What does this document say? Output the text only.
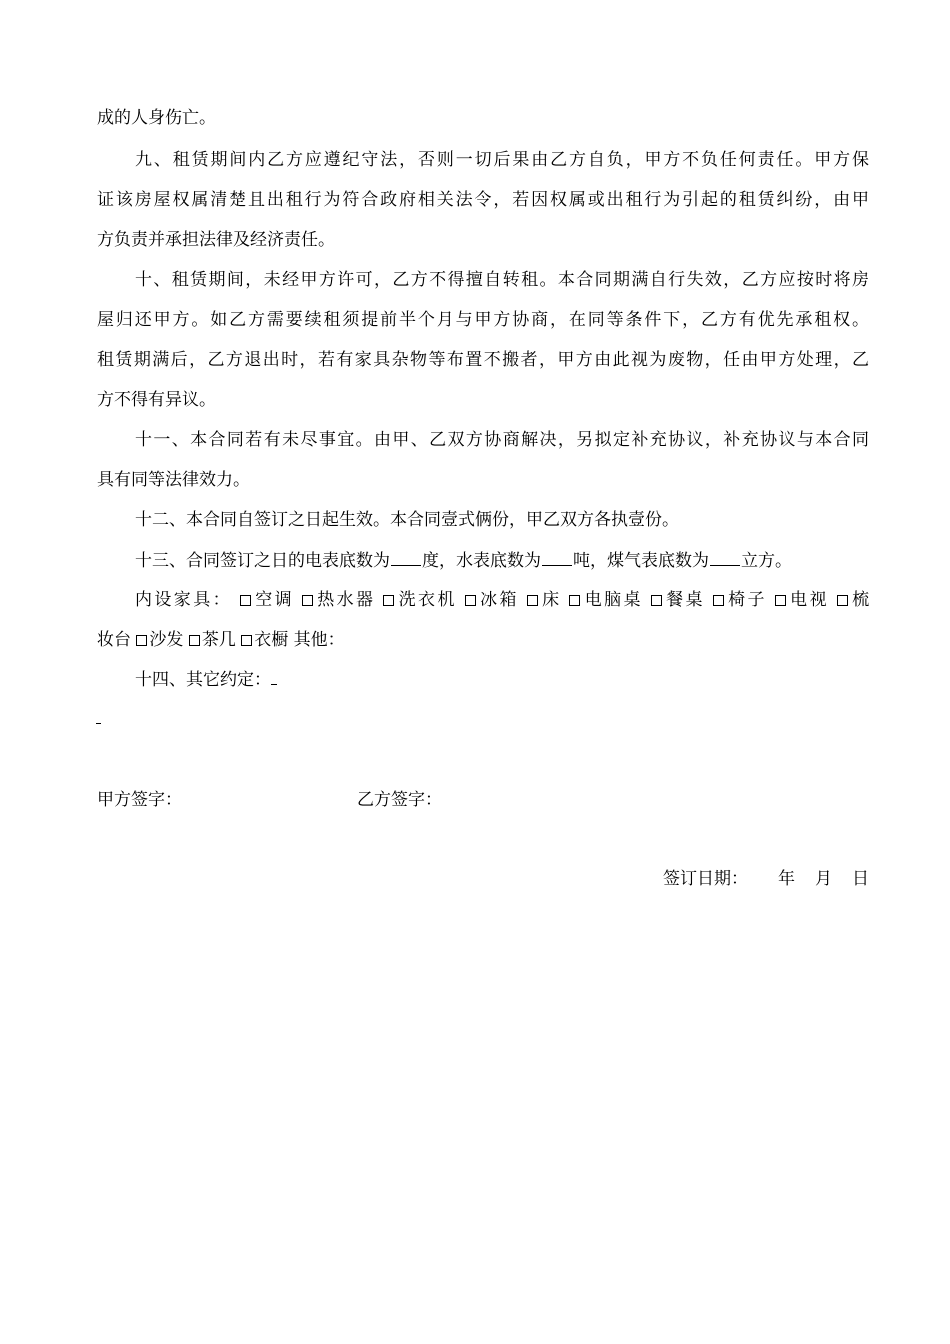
成的人身伤亡。
九、租赁期间内乙方应遵纪守法，否则一切后果由乙方自负，甲方不负任何责任。甲方保
证该房屋权属清楚且出租行为符合政府相关法令，若因权属或出租行为引起的租赁纠纷，由甲
方负责并承担法律及经济责任。
十、租赁期间，未经甲方许可，乙方不得擅自转租。本合同期满自行失效，乙方应按时将房
屋归还甲方。如乙方需要续租须提前半个月与甲方协商，在同等条件下，乙方有优先承租权。
租赁期满后，乙方退出时，若有家具杂物等布置不搬者，甲方由此视为废物，任由甲方处理，乙
方不得有异议。
十一、本合同若有未尽事宜。由甲、乙双方协商解决，另拟定补充协议，补充协议与本合同
具有同等法律效力。
十二、本合同自签订之日起生效。本合同壹式俩份，甲乙双方各执壹份。
十三、合同签订之日的电表底数为 度，水表底数为 吨，煤气表底数为 立方。
内设家具： 空调 热水器 洗衣机 冰箱 床 电脑桌 餐桌 椅子 电视 梳
妆台 沙发 茶几 衣橱 其他：
十四、其它约定：
甲方签字：	乙方签字：
签订日期： 年 月 日
